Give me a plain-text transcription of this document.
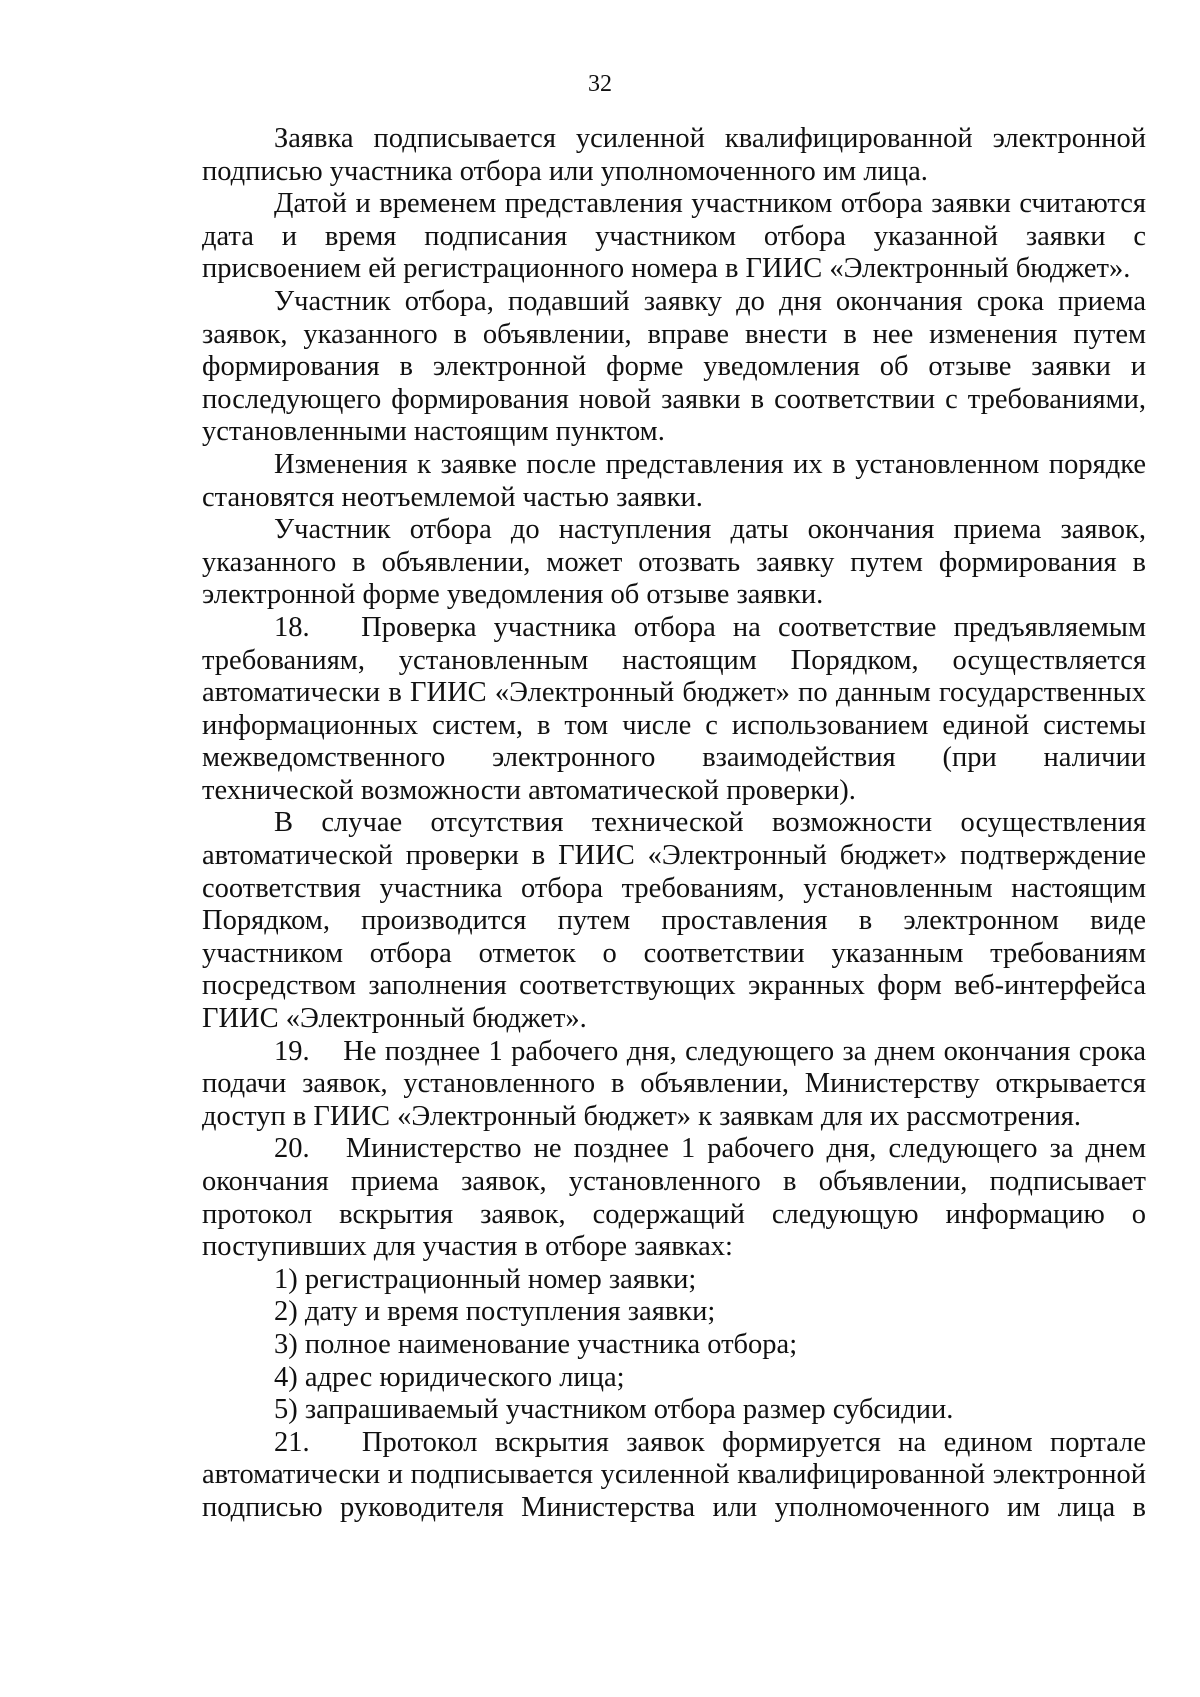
32

Заявка подписывается усиленной квалифицированной электронной подписью участника отбора или уполномоченного им лица.

Датой и временем представления участником отбора заявки считаются дата и время подписания участником отбора указанной заявки с присвоением ей регистрационного номера в ГИИС «Электронный бюджет».

Участник отбора, подавший заявку до дня окончания срока приема заявок, указанного в объявлении, вправе внести в нее изменения путем формирования в электронной форме уведомления об отзыве заявки и последующего формирования новой заявки в соответствии с требованиями, установленными настоящим пунктом.

Изменения к заявке после представления их в установленном порядке становятся неотъемлемой частью заявки.

Участник отбора до наступления даты окончания приема заявок, указанного в объявлении, может отозвать заявку путем формирования в электронной форме уведомления об отзыве заявки.

18.   Проверка участника отбора на соответствие предъявляемым требованиям, установленным настоящим Порядком, осуществляется автоматически в ГИИС «Электронный бюджет» по данным государственных информационных систем, в том числе с использованием единой системы межведомственного электронного взаимодействия (при наличии технической возможности автоматической проверки).

В случае отсутствия технической возможности осуществления автоматической проверки в ГИИС «Электронный бюджет» подтверждение соответствия участника отбора требованиям, установленным настоящим Порядком, производится путем проставления в электронном виде участником отбора отметок о соответствии указанным требованиям посредством заполнения соответствующих экранных форм веб-интерфейса ГИИС «Электронный бюджет».

19.    Не позднее 1 рабочего дня, следующего за днем окончания срока подачи заявок, установленного в объявлении, Министерству открывается доступ в ГИИС «Электронный бюджет» к заявкам для их рассмотрения.

20.   Министерство не позднее 1 рабочего дня, следующего за днем окончания приема заявок, установленного в объявлении, подписывает протокол вскрытия заявок, содержащий следующую информацию о поступивших для участия в отборе заявках:

1) регистрационный номер заявки;

2) дату и время поступления заявки;

3) полное наименование участника отбора;

4) адрес юридического лица;

5) запрашиваемый участником отбора размер субсидии.

21.   Протокол вскрытия заявок формируется на едином портале автоматически и подписывается усиленной квалифицированной электронной подписью руководителя Министерства или уполномоченного им лица в
